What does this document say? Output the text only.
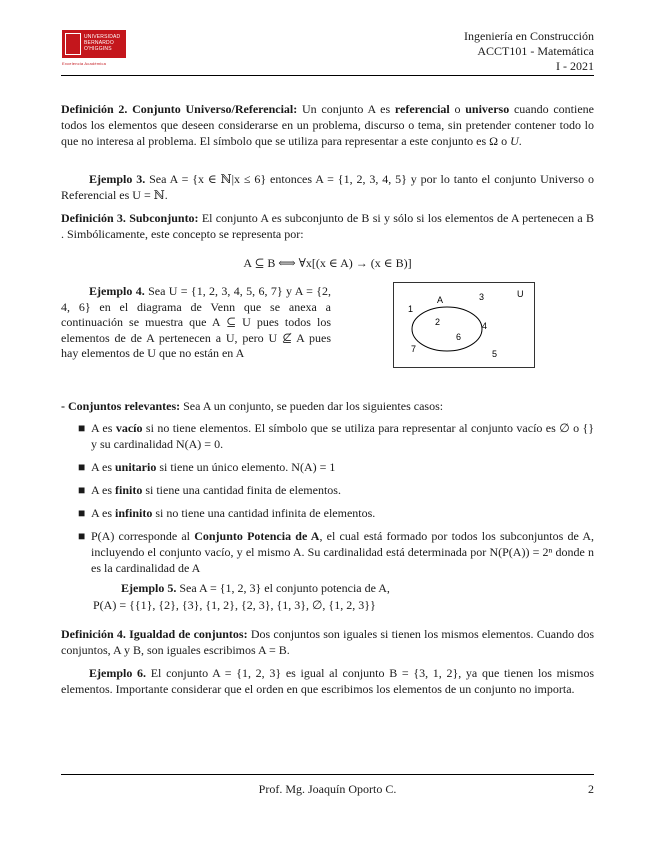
UNIVERSIDAD BERNARDO O'HIGGINS
Excelencia Académica
Ingeniería en Construcción
ACCT101 - Matemática
I - 2021
Definición 2. Conjunto Universo/Referencial: Un conjunto A es referencial o universo cuando contiene todos los elementos que deseen considerarse en un problema, discurso o tema, sin pretender contener todo lo que no interesa al problema. El símbolo que se utiliza para representar a este conjunto es Ω o U.
Ejemplo 3. Sea A = {x ∈ ℕ|x ≤ 6} entonces A = {1, 2, 3, 4, 5} y por lo tanto el conjunto Universo o Referencial es U = ℕ.
Definición 3. Subconjunto: El conjunto A es subconjunto de B si y sólo si los elementos de A pertenecen a B . Simbólicamente, este concepto se representa por:
A ⊆ B ⟺ ∀x[(x ∈ A) → (x ∈ B)]
Ejemplo 4. Sea U = {1, 2, 3, 4, 5, 6, 7} y A = {2, 4, 6} en el diagrama de Venn que se anexa a continuación se muestra que A ⊆ U pues todos los elementos de de A pertenecen a U, pero U ⊈ A pues hay elementos de U que no están en A
U
A
2	4
6
1
3
7	5
- Conjuntos relevantes: Sea A un conjunto, se pueden dar los siguientes casos:
■ A es vacío si no tiene elementos. El símbolo que se utiliza para representar al conjunto vacío es ∅ o {} y su cardinalidad N(A) = 0.
■ A es unitario si tiene un único elemento. N(A) = 1
■ A es finito si tiene una cantidad finita de elementos.
■ A es infinito si no tiene una cantidad infinita de elementos.
■ P(A) corresponde al Conjunto Potencia de A, el cual está formado por todos los subconjuntos de A, incluyendo el conjunto vacío, y el mismo A. Su cardinalidad está determinada por N(P(A)) = 2ⁿ donde n es la cardinalidad de A
Ejemplo 5. Sea A = {1, 2, 3} el conjunto potencia de A,
P(A) = {{1}, {2}, {3}, {1, 2}, {2, 3}, {1, 3}, ∅, {1, 2, 3}}
Definición 4. Igualdad de conjuntos: Dos conjuntos son iguales si tienen los mismos elementos. Cuando dos conjuntos, A y B, son iguales escribimos A = B.
Ejemplo 6. El conjunto A = {1, 2, 3} es igual al conjunto B = {3, 1, 2}, ya que tienen los mismos elementos. Importante considerar que el orden en que escribimos los elementos de un conjunto no importa.
Prof. Mg. Joaquín Oporto C.	2
